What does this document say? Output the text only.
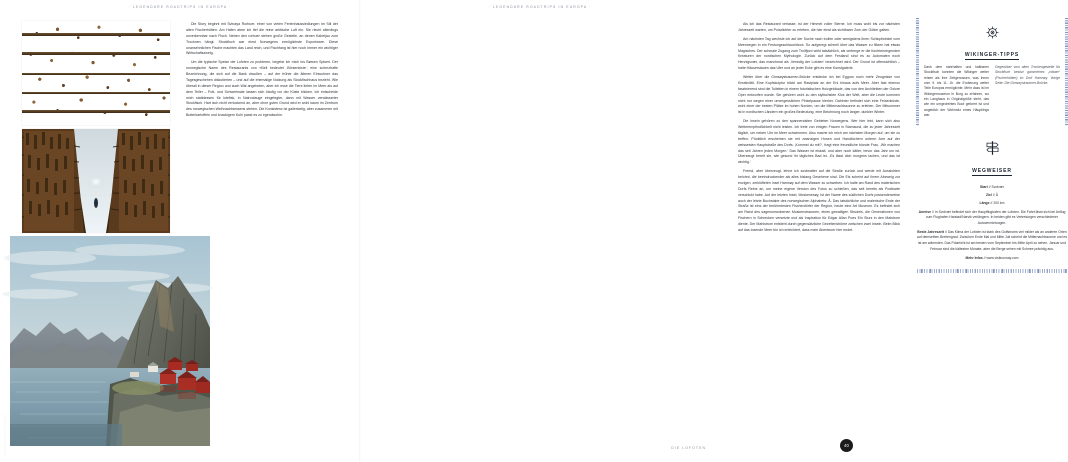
· LEGENDÄRE ROADTRIPS IN EUROPA ·
© Hamnoy, Lofoten / Norwegen

Die Story beginnt mit Svinøya Rorbuer, einer von vielen Ferienhaussiedlungen im Stil der alten Fischerhütten. Am Hafen atme ich tief die reine arktische Luft ein. Sie riecht allerdings unverkennbar nach Fisch. Neben den rorbuer stehen große Gestelle, an denen Kabeljau zum Trocknen hängt. Stockfisch war einst Norwegens ermöglichste Exportware. Diese unansehnlichen Fische machten das Land reich, und Fischfang ist hier noch immer ein wichtiger Wirtschaftszweig.

Um die typische Speise der Lofoten zu probieren, begebe ich mich ins Børsen Spiseri. Der norwegische Name des Restaurants von «Bell bedeutet ‚Börsenkiste‘, eine scherzhafte Bezeichnung, die sich auf die Bank draußen – auf der früher die älteren Einwohner das Tagesgeschehen diskutierten – und auf die ehemalige Nutzung als Stockfischhaus bezieht. Wie überall in dieser Region und auch Wal angeboten, aber ich esse die Tiere lieber im Meer als auf dem Teller – Pott- und Schwertwale lassen sich häufig vor der Küste blicken. Ich entscheide mich stattdessen für lutefisk, in Natronlauge eingelegter, dann mit Wasser verwässerter Stockfisch. Hart isch nicht verlockend an, aber ohne guten Grund wird er wohl kaum im Zentrum des norwegischen Weihnachtsessens stehen. Die Konsistenz ist gallertartig, aber zusammen mit Butterkartoffeln und knackigem Kohl passt es zu irgendwohin.

· LEGENDÄRE ROADTRIPS IN EUROPA ·

Als ich das Restaurant verlasse, ist der Himmel voller Sterne. Ich muss wohl bis zur nächsten Jahreszeit warten, um Polarlichter zu erleben, die hier einst als sichtbarer Zorn der Götter galten.

Am nächsten Tag wechsle ich auf der Suche nach trollen oder wenigstens ihren Schlupfwinkel vom Meerwegen in ein Festungsschlauchboot. So aufgeregt schnell über das Wasser zu flitzen hat etwas Magisches. Der schmale Zugang zum Trollfjord wirkt tatsächlich, als verberge er die furchteinregenden Kreaturen der nordischen Mythologie. Zurück auf dem Festland sind es zu Automaten noch Hennigsvær, das manchmal als ‚Venedig der Lofoten‘ bezeichnet wird. Der Grund ist offensichtlich – halte Häuserstauen das Ufer und an jeder Ecke gibt es eine Kunstgalerie.

Weiter über die Gimsøystraumen-Brücke entdecke ich bei Eggum noch mehr Zeugnisse von Kreativität. Eine Kopfskulptur blickt am Rastplatz an der Eni hinaus aufs Meer. Aber fast ebenso faszinierend sind die Toiletten in einem futuristischen Holzgebäude, das von den Architekten der Oslore Oper entworfen wurde. Sie gehören wohl zu den stylischsten Klos der Welt, aber die Leute kommen nicht nur wegen einer unvergesslichen Pinkelpause hierher. Dahinter befindet sich eine Felsenküste, wohl einer der besten Plätze im hohen Norden, um die Mitternachtssonne zu erleben. Der Mitsommer ist in nordischen Ländern ein großes Bedeutung, eine Belohnung noch langer, dunkler Winter.

Die Inseln gehören zu den spannendsten Gebieten Norwegens. Wer hier lebt, kann sich also Wetterempfindlichkeit nicht leisten. Ich trete von einigen Frauen in Stamsund, die zu jeder Jahreszeit täglich, um neben Uhr im Meer schwimmen. Also mache ich mich am nächsten Morgen auf, um sie zu treffen. Pünktlich erscheinen sie mit zwanzigen Hosen und Handtüchern unterm Arm auf der weissesten Hauptstraße des Dorfs. ‚Kommst du mit?‘, fragt eine freundliche blonde Frau. ‚Wir machen das seit Jahren jeden Morgen.‘ Das Wasser ist eiskalt, und aber noch kälter, bevor das Jahr um ist. Überzeugt bereit sie, wie gesund ihr tägliches Bad ist. ‚Es lässt dich morgens lachen, und das ist wichtig.‘

Fremd, aber überzeugt, lehne ich zustmatter auf die Straße zurück und werde mit Aussichten belohnt, die beeindruckender als alles bislang Gesehene sind. Die Eis scheint auf ihrem Abzweig zur enzigen, zerklüfteten Insel Hamnøy auf dem Wasser zu schweben. Ich halte am Rand des malerischen Dorfs Reine an, um meine eigene Version des Fotos zu schießen, das seit bereits als Postkarte verschickt habe. Auf der letzten Insel, Moskenesøy, ist der Name des südlichen Dorfs possenderweise auch der letzte Buchstabe des norwegischen Alphabets: Å. Das tatsächliche und malerische Ende der Straße ist eins der berühmtesten Fischerdörfer der Region, heute eine Art Museum. Es befindet sich am Rand des sagenumwobenen Moskenstraumen, eines gewaltigen Strudels, die Generationen von Fischern in Schrecken versetzte und als Inspiration für Edgar Allan Poes Ein Sturz in den Malstrom diente. Der Mahlstrom entsteht durch gegensätzliche Gezeitenströme zwischen zwei Inseln. Beim Blick auf das tosende Meer bin ich erleichtert, dass mein Abenteuer hier endet.

WIKINGER-TIPPS
Dank dem nahrhaften und haltbaren Stockfisch konnten die Wikinger weiter reisen als ihre Zeitgenossen, was ihnen vom 9. bis 11. Jh. die Eroberung weiter Teile Europas ermöglichte. Mehr dazu ist im Wikingermuseum in Borg zu erfahren, wo ein Langhaus in Originalgröße steht, das wie ein umgedrehtes Boot geformt ist und angeblich der Wohnsitz eines Häuptlings war.
Gegenüber vom alten Trockengestelle für Stockfisch besitzt gammelnes „rottaer“ (Fischerhütten) im Dorf Hamnøy. Vorige Seite: Die Gimsøystraumen-Brücke.
WEGWEISER

Start // Svolvær

Ziel // Å

Länge // 200 km

Anreise // In Svolvær befindet sich der Hauptflughafen der Lofoten. Die Fahrt lässt sich bei Anflug zum Flughafen Harstad/Narvik verlängern. In beiden gibt es Vertretungen verschiedener Autovermietungen.

Beste Jahreszeit // Das Klima der Lofoten ist stark des Golfstroms viel milder als an anderen Orten auf demselben Breitengrad. Zwischen Ende Mai und Mitte Juli scheint die Mitternachtssonne und es ist am wärmsten. Das Polarlicht ist am besten vom September bis Mitte April zu sehen. Januar und Februar sind die kältesten Monate, aber die Berge sehen mit Schnee prächtig aus.

Mehr Infos // www.visitnorway.com

40
DIE LOFOTEN
